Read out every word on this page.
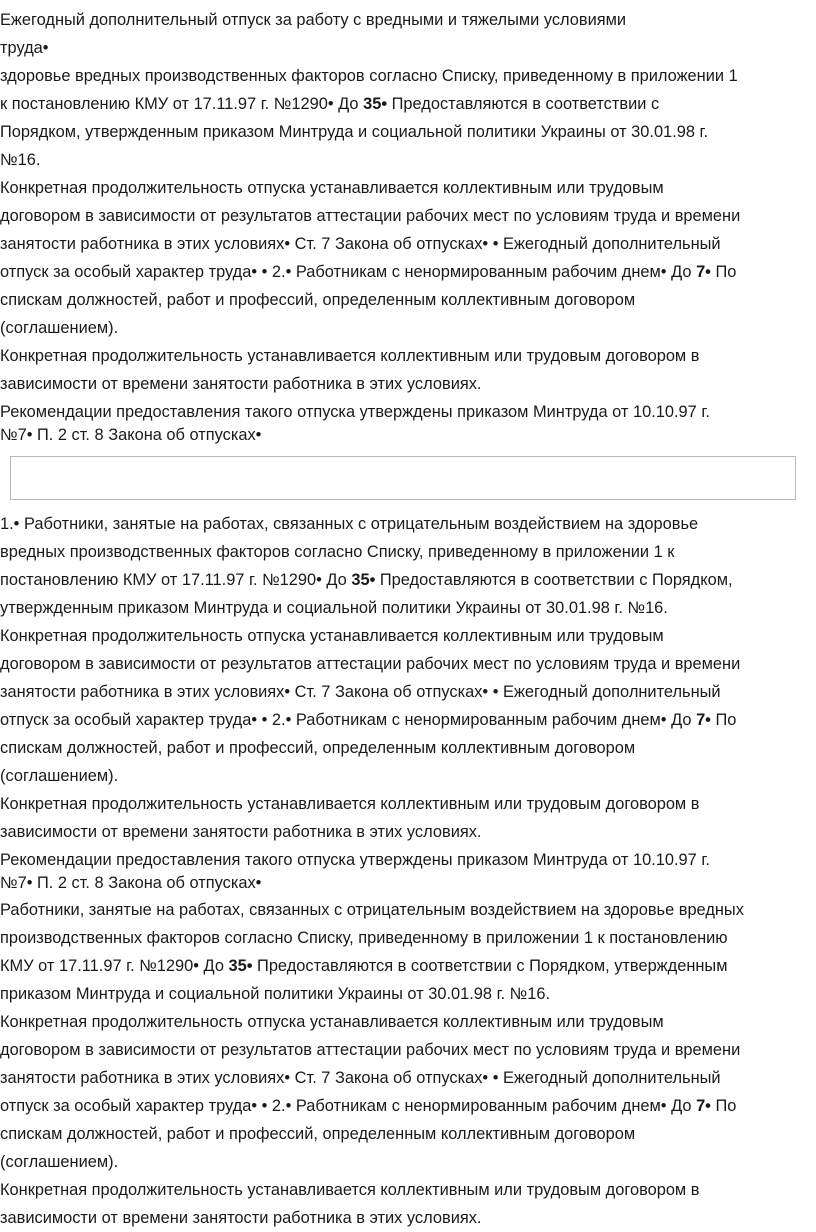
Ежегодный дополнительный отпуск за работу с вредными и тяжелыми условиями
труда•
здоровье вредных производственных факторов согласно Списку, приведенному в приложении 1
к постановлению КМУ от 17.11.97 г. №1290• До 35• Предоставляются в соответствии с
Порядком, утвержденным приказом Минтруда и социальной политики Украины от 30.01.98 г.
№16.
Конкретная продолжительность отпуска устанавливается коллективным или трудовым
договором в зависимости от результатов аттестации рабочих мест по условиям труда и времени
занятости работника в этих условиях• Ст. 7 Закона об отпусках• • Ежегодный дополнительный
отпуск за особый характер труда• • 2.• Работникам с ненормированным рабочим днем• До 7• По
спискам должностей, работ и профессий, определенным коллективным договором
(соглашением).
Конкретная продолжительность устанавливается коллективным или трудовым договором в
зависимости от времени занятости работника в этих условиях.
Рекомендации предоставления такого отпуска утверждены приказом Минтруда от 10.10.97 г.
№7• П. 2 ст. 8 Закона об отпусках•
1.• Работники, занятые на работах, связанных с отрицательным воздействием на здоровье
вредных производственных факторов согласно Списку, приведенному в приложении 1 к
постановлению КМУ от 17.11.97 г. №1290• До 35• Предоставляются в соответствии с Порядком,
утвержденным приказом Минтруда и социальной политики Украины от 30.01.98 г. №16.
Конкретная продолжительность отпуска устанавливается коллективным или трудовым
договором в зависимости от результатов аттестации рабочих мест по условиям труда и времени
занятости работника в этих условиях• Ст. 7 Закона об отпусках• • Ежегодный дополнительный
отпуск за особый характер труда• • 2.• Работникам с ненормированным рабочим днем• До 7• По
спискам должностей, работ и профессий, определенным коллективным договором
(соглашением).
Конкретная продолжительность устанавливается коллективным или трудовым договором в
зависимости от времени занятости работника в этих условиях.
Рекомендации предоставления такого отпуска утверждены приказом Минтруда от 10.10.97 г.
№7• П. 2 ст. 8 Закона об отпусках•
Работники, занятые на работах, связанных с отрицательным воздействием на здоровье вредных
производственных факторов согласно Списку, приведенному в приложении 1 к постановлению
КМУ от 17.11.97 г. №1290• До 35• Предоставляются в соответствии с Порядком, утвержденным
приказом Минтруда и социальной политики Украины от 30.01.98 г. №16.
Конкретная продолжительность отпуска устанавливается коллективным или трудовым
договором в зависимости от результатов аттестации рабочих мест по условиям труда и времени
занятости работника в этих условиях• Ст. 7 Закона об отпусках• • Ежегодный дополнительный
отпуск за особый характер труда• • 2.• Работникам с ненормированным рабочим днем• До 7• По
спискам должностей, работ и профессий, определенным коллективным договором
(соглашением).
Конкретная продолжительность устанавливается коллективным или трудовым договором в
зависимости от времени занятости работника в этих условиях.
